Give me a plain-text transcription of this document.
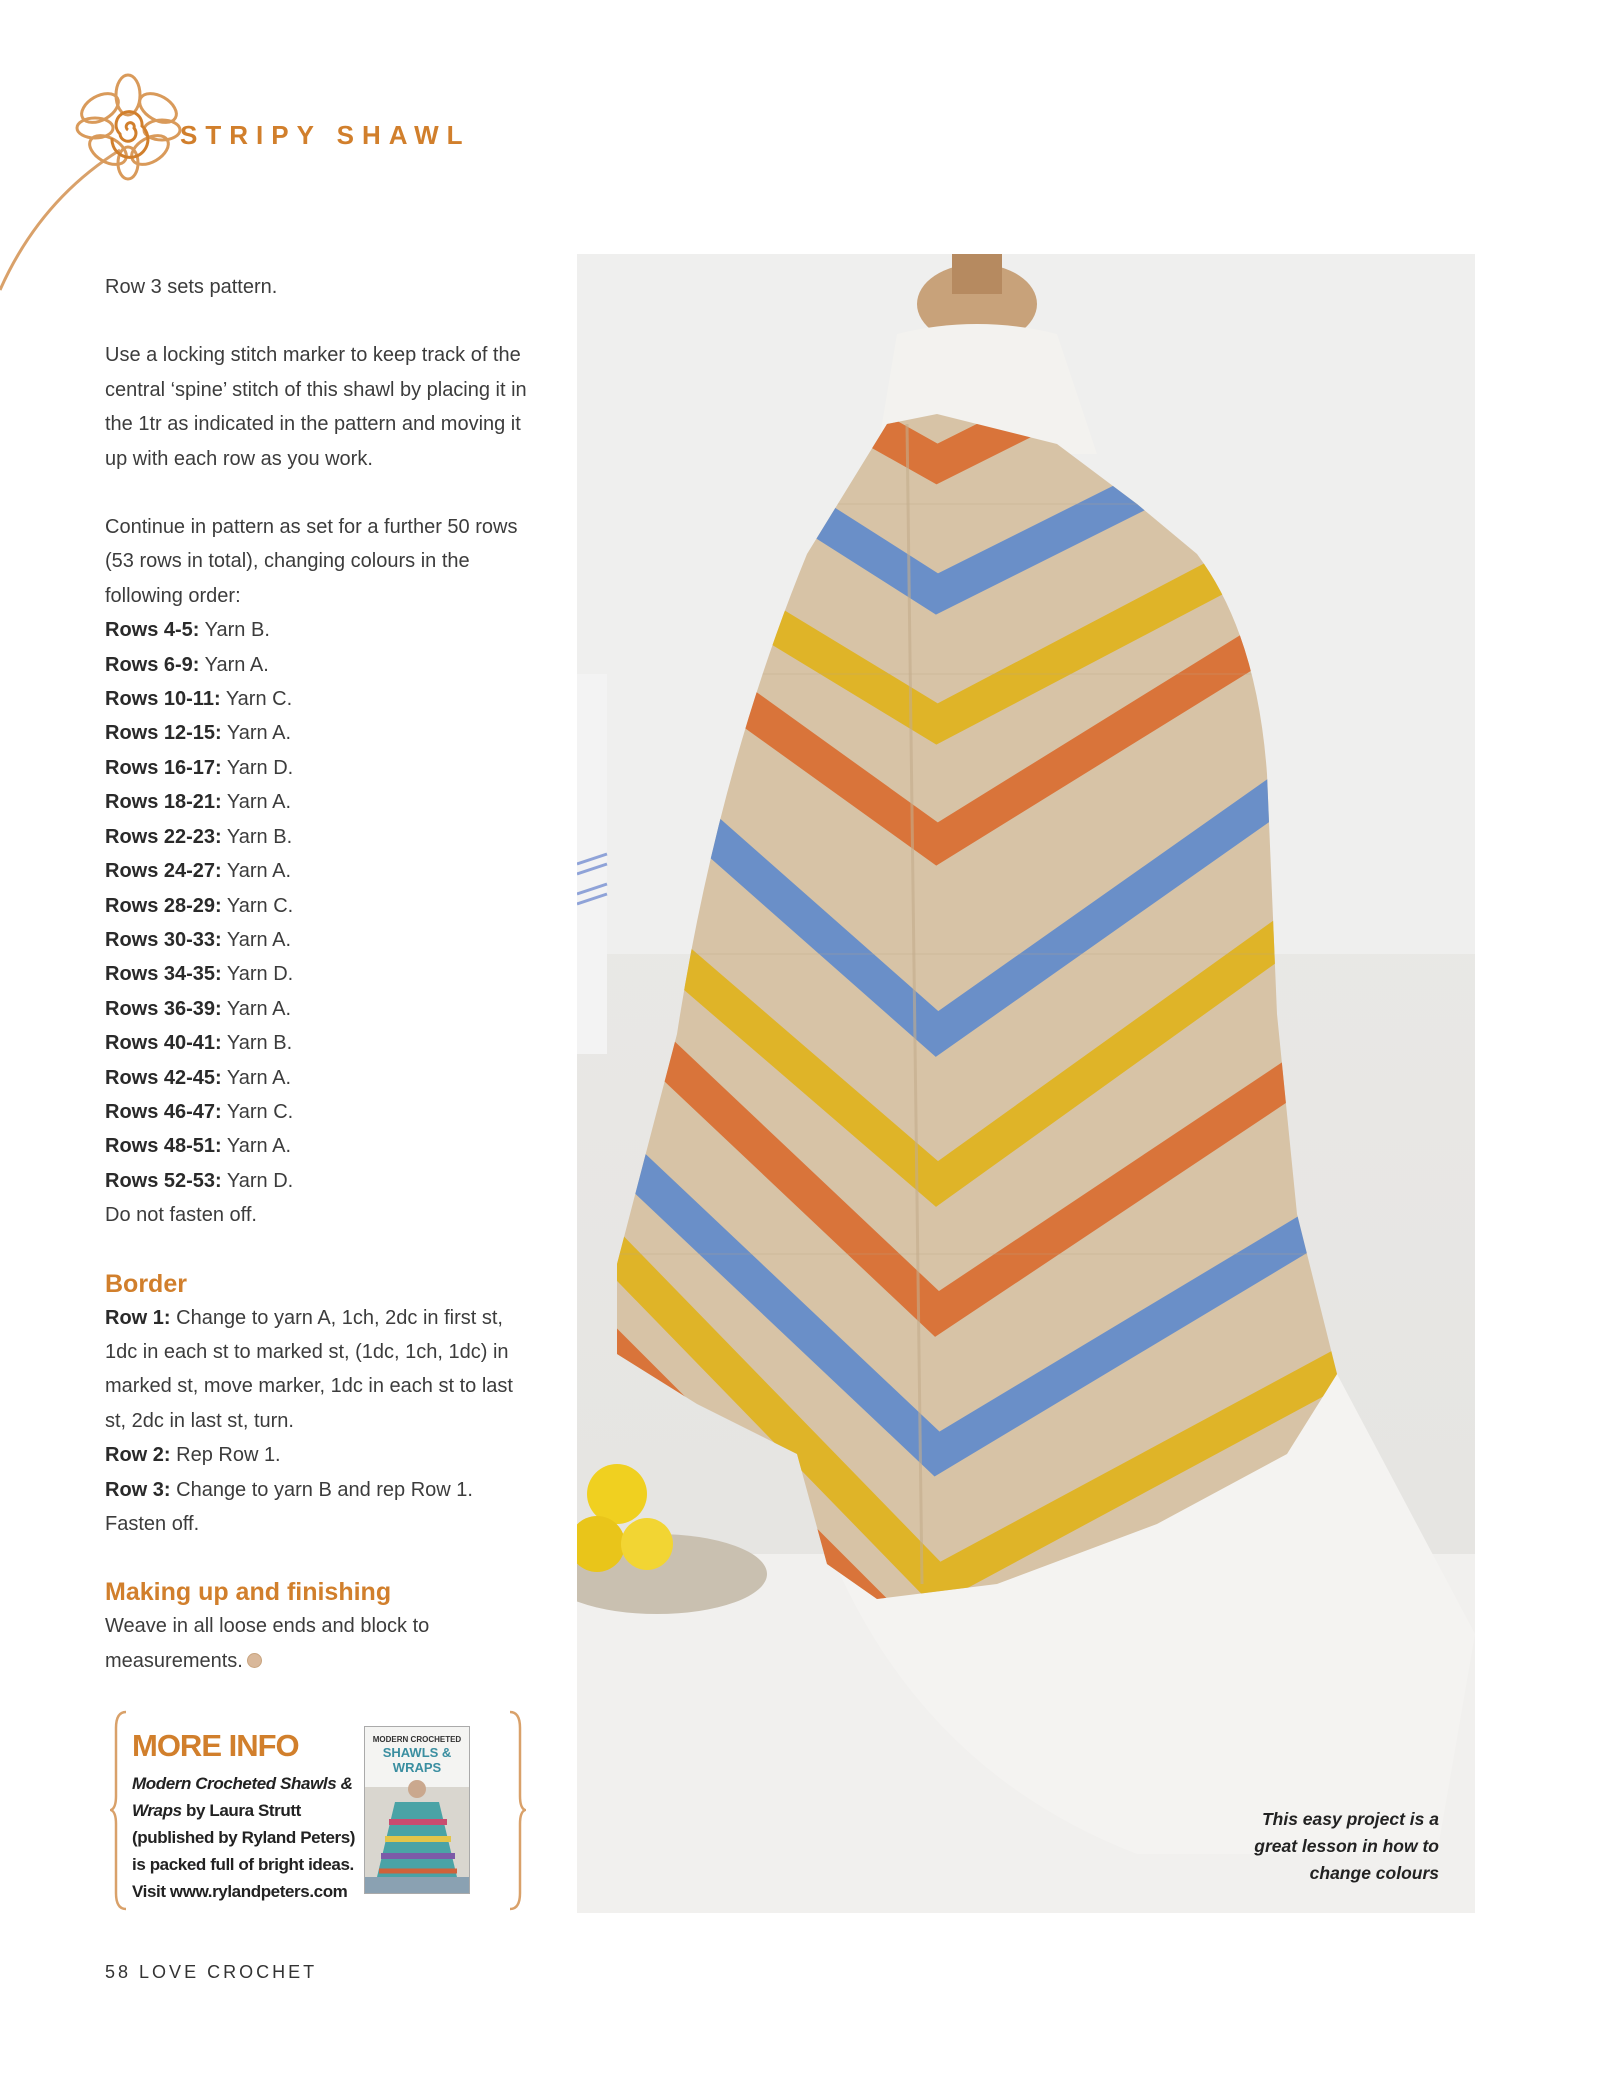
STRIPY SHAWL

Row 3 sets pattern.

Use a locking stitch marker to keep track of the central ‘spine’ stitch of this shawl by placing it in the 1tr as indicated in the pattern and moving it up with each row as you work.

Continue in pattern as set for a further 50 rows (53 rows in total), changing colours in the following order:

Rows 4-5: Yarn B.
Rows 6-9: Yarn A.
Rows 10-11: Yarn C.
Rows 12-15: Yarn A.
Rows 16-17: Yarn D.
Rows 18-21: Yarn A.
Rows 22-23: Yarn B.
Rows 24-27: Yarn A.
Rows 28-29: Yarn C.
Rows 30-33: Yarn A.
Rows 34-35: Yarn D.
Rows 36-39: Yarn A.
Rows 40-41: Yarn B.
Rows 42-45: Yarn A.
Rows 46-47: Yarn C.
Rows 48-51: Yarn A.
Rows 52-53: Yarn D.

Do not fasten off.

Border

Row 1: Change to yarn A, 1ch, 2dc in first st, 1dc in each st to marked st, (1dc, 1ch, 1dc) in marked st, move marker, 1dc in each st to last st, 2dc in last st, turn.

Row 2: Rep Row 1.

Row 3: Change to yarn B and rep Row 1.

Fasten off.

Making up and finishing

Weave in all loose ends and block to measurements.

MORE INFO
Modern Crocheted Shawls & Wraps by Laura Strutt (published by Ryland Peters) is packed full of bright ideas. Visit www.rylandpeters.com
MODERN CROCHETED
SHAWLS & WRAPS
This easy project is a great lesson in how to change colours
58 LOVE CROCHET
